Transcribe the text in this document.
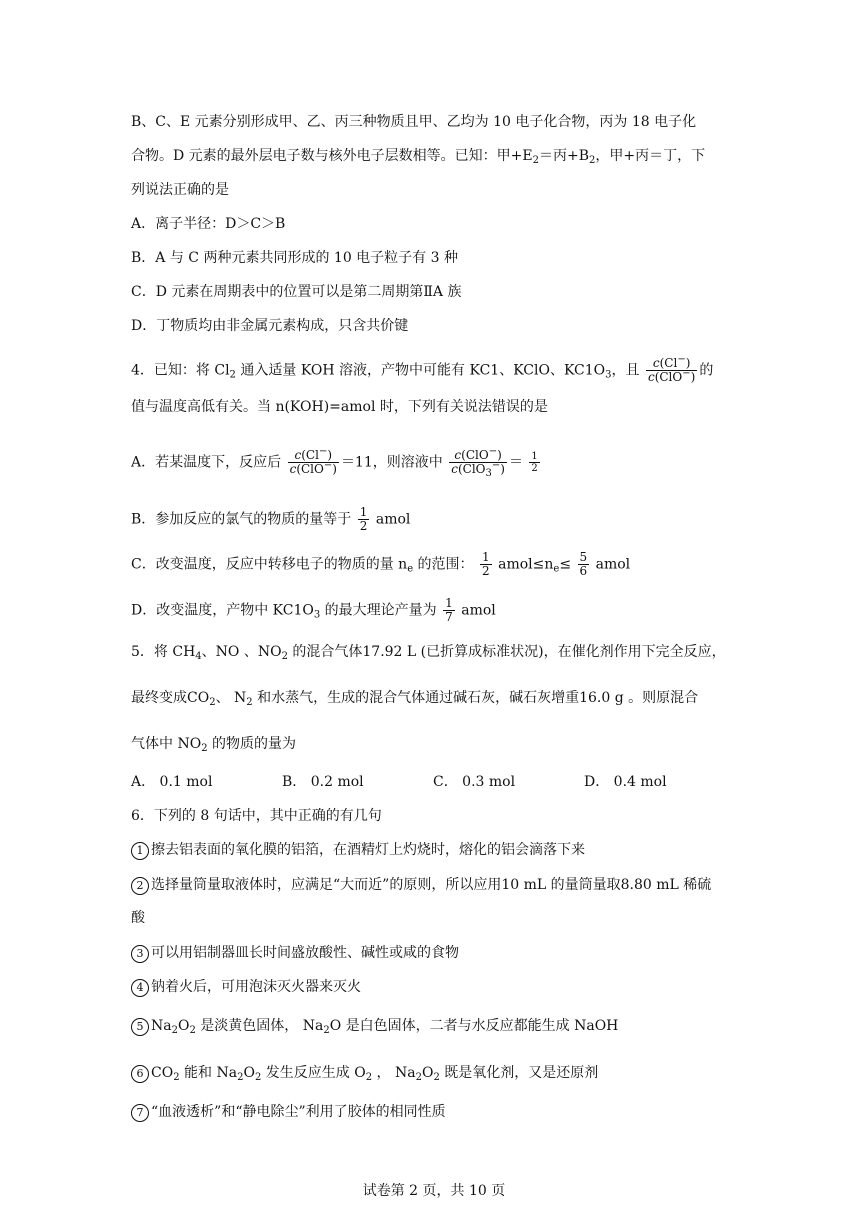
B、C、E 元素分别形成甲、乙、丙三种物质且甲、乙均为 10 电子化合物，丙为 18 电子化
合物。D 元素的最外层电子数与核外电子层数相等。已知：甲$+E_2=$丙$+B_2$，甲+丙＝丁，下
列说法正确的是
A．离子半径：D＞C＞B
B．A 与 C 两种元素共同形成的 10 电子粒子有 3 种
C．D 元素在周期表中的位置可以是第二周期第ⅡA 族
D．丁物质均由非金属元素构成，只含共价键
4．已知：将 $Cl_2$ 通入适量 KOH 溶液，产物中可能有 KC1、KClO、$KC1O_3$，且 $\frac{c(Cl^-)}{c(ClO^-)}$ 的
值与温度高低有关。当 n(KOH)=amol 时，下列有关说法错误的是
A．若某温度下，反应后 $\frac{c(Cl^-)}{c(ClO^-)} =11$，则溶液中 $\frac{c(ClO^-)}{c(ClO_3^-)} = \frac{1}{2}$
B．参加反应的氯气的物质的量等于 $\frac{1}{2}$ amol
C．改变温度，反应中转移电子的物质的量 $n_e$ 的范围： $\frac{1}{2}$ $amol\le n_e\le \frac{5}{6}$ amol
D．改变温度，产物中 $KC1O_3$ 的最大理论产量为 $\frac{1}{7}$ amol
5．将 $CH_4$、NO 、$NO_2$ 的混合气体17.92 L (已折算成标准状况)，在催化剂作用下完全反应，
最终变成$CO_2$、 $N_2$ 和水蒸气，生成的混合气体通过碱石灰，碱石灰增重16.0 g 。则原混合
气体中 $NO_2$ 的物质的量为
A． 0.1 mol	B． 0.2 mol	C． 0.3 mol	D． 0.4 mol
6．下列的 8 句话中，其中正确的有几句
1 擦去铝表面的氧化膜的铝箔，在酒精灯上灼烧时，熔化的铝会滴落下来
2 选择量筒量取液体时，应满足“大而近”的原则，所以应用10 mL 的量筒量取8.80 mL 稀硫
酸
3 可以用铝制器皿长时间盛放酸性、碱性或咸的食物
4 钠着火后，可用泡沫灭火器来灭火
5 $Na_2O_2$ 是淡黄色固体， $Na_2O$ 是白色固体，二者与水反应都能生成 NaOH
6 $CO_2$ 能和 $Na_2O_2$ 发生反应生成 $O_2$ ， $Na_2O_2$ 既是氧化剂，又是还原剂
7 “血液透析”和“静电除尘”利用了胶体的相同性质
试卷第 2 页，共 10 页
